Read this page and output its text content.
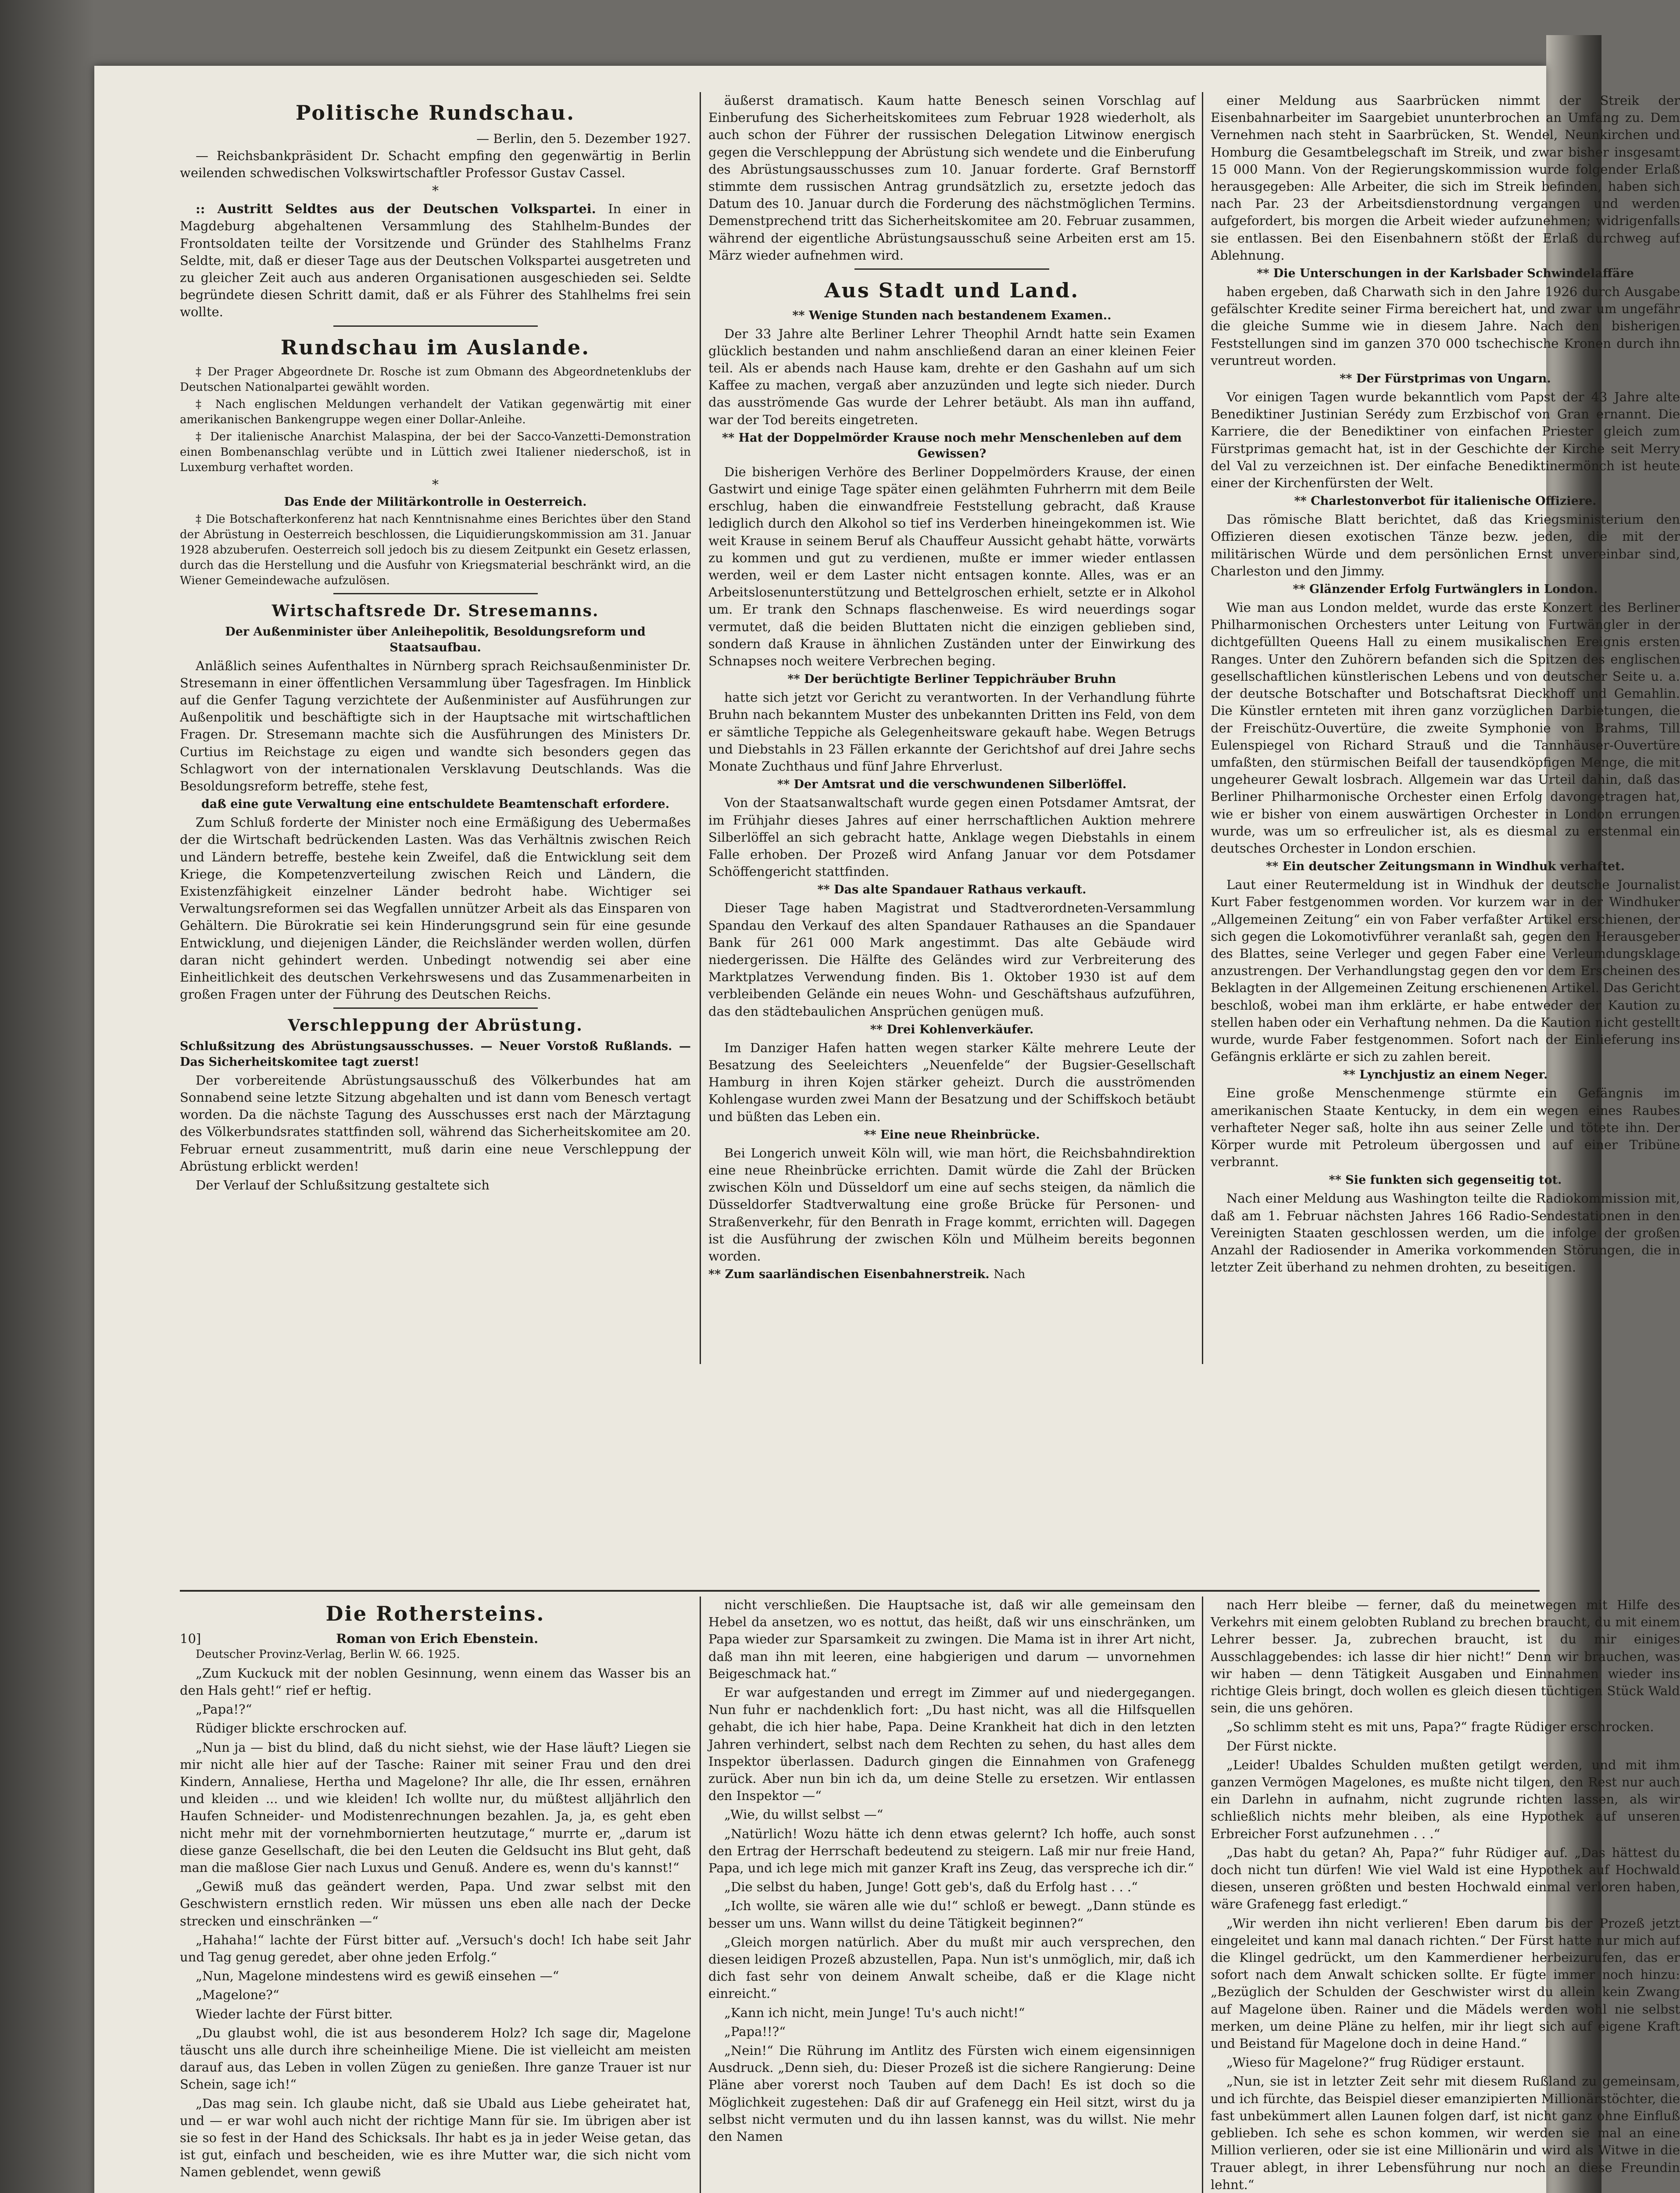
Politische Rundschau.
— Berlin, den 5. Dezember 1927.

— Reichsbankpräsident Dr. Schacht empfing den gegenwärtig in Berlin weilenden schwedischen Volkswirtschaftler Professor Gustav Cassel.

*

:: Austritt Seldtes aus der Deutschen Volkspartei. In einer in Magdeburg abgehaltenen Versammlung des Stahlhelm-Bundes der Frontsoldaten teilte der Vorsitzende und Gründer des Stahlhelms Franz Seldte, mit, daß er dieser Tage aus der Deutschen Volkspartei ausgetreten und zu gleicher Zeit auch aus anderen Organisationen ausgeschieden sei. Seldte begründete diesen Schritt damit, daß er als Führer des Stahlhelms frei sein wollte.

Rundschau im Auslande.

‡ Der Prager Abgeordnete Dr. Rosche ist zum Obmann des Abgeordnetenklubs der Deutschen Nationalpartei gewählt worden.

‡ Nach englischen Meldungen verhandelt der Vatikan gegenwärtig mit einer amerikanischen Bankengruppe wegen einer Dollar-Anleihe.

‡ Der italienische Anarchist Malaspina, der bei der Sacco-Vanzetti-Demonstration einen Bombenanschlag verübte und in Lüttich zwei Italiener niederschoß, ist in Luxemburg verhaftet worden.

*

Das Ende der Militärkontrolle in Oesterreich.

‡ Die Botschafterkonferenz hat nach Kenntnisnahme eines Berichtes über den Stand der Abrüstung in Oesterreich beschlossen, die Liquidierungskommission am 31. Januar 1928 abzuberufen. Oesterreich soll jedoch bis zu diesem Zeitpunkt ein Gesetz erlassen, durch das die Herstellung und die Ausfuhr von Kriegsmaterial beschränkt wird, an die Wiener Gemeindewache aufzulösen.

Wirtschaftsrede Dr. Stresemanns.

Der Außenminister über Anleihepolitik, Besoldungsreform und Staatsaufbau.

Anläßlich seines Aufenthaltes in Nürnberg sprach Reichsaußenminister Dr. Stresemann in einer öffentlichen Versammlung über Tagesfragen. Im Hinblick auf die Genfer Tagung verzichtete der Außenminister auf Ausführungen zur Außenpolitik und beschäftigte sich in der Hauptsache mit wirtschaftlichen Fragen. Dr. Stresemann machte sich die Ausführungen des Ministers Dr. Curtius im Reichstage zu eigen und wandte sich besonders gegen das Schlagwort von der internationalen Versklavung Deutschlands. Was die Besoldungsreform betreffe, stehe fest,

daß eine gute Verwaltung eine entschuldete Beamtenschaft erfordere.

Zum Schluß forderte der Minister noch eine Ermäßigung des Uebermaßes der die Wirtschaft bedrückenden Lasten. Was das Verhältnis zwischen Reich und Ländern betreffe, bestehe kein Zweifel, daß die Entwicklung seit dem Kriege, die Kompetenzverteilung zwischen Reich und Ländern, die Existenzfähigkeit einzelner Länder bedroht habe. Wichtiger sei Verwaltungsreformen sei das Wegfallen unnützer Arbeit als das Einsparen von Gehältern. Die Bürokratie sei kein Hinderungsgrund sein für eine gesunde Entwicklung, und diejenigen Länder, die Reichsländer werden wollen, dürfen daran nicht gehindert werden. Unbedingt notwendig sei aber eine Einheitlichkeit des deutschen Verkehrswesens und das Zusammenarbeiten in großen Fragen unter der Führung des Deutschen Reichs.

Verschleppung der Abrüstung.

Schlußsitzung des Abrüstungsausschusses. — Neuer Vorstoß Rußlands. — Das Sicherheitskomitee tagt zuerst!

Der vorbereitende Abrüstungsausschuß des Völkerbundes hat am Sonnabend seine letzte Sitzung abgehalten und ist dann vom Benesch vertagt worden. Da die nächste Tagung des Ausschusses erst nach der Märztagung des Völkerbundsrates stattfinden soll, während das Sicherheitskomitee am 20. Februar erneut zusammentritt, muß darin eine neue Verschleppung der Abrüstung erblickt werden!

Der Verlauf der Schlußsitzung gestaltete sich

äußerst dramatisch. Kaum hatte Benesch seinen Vorschlag auf Einberufung des Sicherheitskomitees zum Februar 1928 wiederholt, als auch schon der Führer der russischen Delegation Litwinow energisch gegen die Verschleppung der Abrüstung sich wendete und die Einberufung des Abrüstungsausschusses zum 10. Januar forderte. Graf Bernstorff stimmte dem russischen Antrag grundsätzlich zu, ersetzte jedoch das Datum des 10. Januar durch die Forderung des nächstmöglichen Termins. Demenstprechend tritt das Sicherheitskomitee am 20. Februar zusammen, während der eigentliche Abrüstungsausschuß seine Arbeiten erst am 15. März wieder aufnehmen wird.

Aus Stadt und Land.

** Wenige Stunden nach bestandenem Examen..

Der 33 Jahre alte Berliner Lehrer Theophil Arndt hatte sein Examen glücklich bestanden und nahm anschließend daran an einer kleinen Feier teil. Als er abends nach Hause kam, drehte er den Gashahn auf um sich Kaffee zu machen, vergaß aber anzuzünden und legte sich nieder. Durch das ausströmende Gas wurde der Lehrer betäubt. Als man ihn auffand, war der Tod bereits eingetreten.

** Hat der Doppelmörder Krause noch mehr Menschenleben auf dem Gewissen?

Die bisherigen Verhöre des Berliner Doppelmörders Krause, der einen Gastwirt und einige Tage später einen gelähmten Fuhrherrn mit dem Beile erschlug, haben die einwandfreie Feststellung gebracht, daß Krause lediglich durch den Alkohol so tief ins Verderben hineingekommen ist. Wie weit Krause in seinem Beruf als Chauffeur Aussicht gehabt hätte, vorwärts zu kommen und gut zu verdienen, mußte er immer wieder entlassen werden, weil er dem Laster nicht entsagen konnte. Alles, was er an Arbeitslosenunterstützung und Bettelgroschen erhielt, setzte er in Alkohol um. Er trank den Schnaps flaschenweise. Es wird neuerdings sogar vermutet, daß die beiden Bluttaten nicht die einzigen geblieben sind, sondern daß Krause in ähnlichen Zuständen unter der Einwirkung des Schnapses noch weitere Verbrechen beging.

** Der berüchtigte Berliner Teppichräuber Bruhn

hatte sich jetzt vor Gericht zu verantworten. In der Verhandlung führte Bruhn nach bekanntem Muster des unbekannten Dritten ins Feld, von dem er sämtliche Teppiche als Gelegenheitsware gekauft habe. Wegen Betrugs und Diebstahls in 23 Fällen erkannte der Gerichtshof auf drei Jahre sechs Monate Zuchthaus und fünf Jahre Ehrverlust.

** Der Amtsrat und die verschwundenen Silberlöffel.

Von der Staatsanwaltschaft wurde gegen einen Potsdamer Amtsrat, der im Frühjahr dieses Jahres auf einer herrschaftlichen Auktion mehrere Silberlöffel an sich gebracht hatte, Anklage wegen Diebstahls in einem Falle erhoben. Der Prozeß wird Anfang Januar vor dem Potsdamer Schöffengericht stattfinden.

** Das alte Spandauer Rathaus verkauft.

Dieser Tage haben Magistrat und Stadtverordneten-Versammlung Spandau den Verkauf des alten Spandauer Rathauses an die Spandauer Bank für 261 000 Mark angestimmt. Das alte Gebäude wird niedergerissen. Die Hälfte des Geländes wird zur Verbreiterung des Marktplatzes Verwendung finden. Bis 1. Oktober 1930 ist auf dem verbleibenden Gelände ein neues Wohn- und Geschäftshaus aufzuführen, das den städtebaulichen Ansprüchen genügen muß.

** Drei Kohlenverkäufer.

Im Danziger Hafen hatten wegen starker Kälte mehrere Leute der Besatzung des Seeleichters „Neuenfelde“ der Bugsier-Gesellschaft Hamburg in ihren Kojen stärker geheizt. Durch die ausströmenden Kohlengase wurden zwei Mann der Besatzung und der Schiffskoch betäubt und büßten das Leben ein.

** Eine neue Rheinbrücke.

Bei Longerich unweit Köln will, wie man hört, die Reichsbahndirektion eine neue Rheinbrücke errichten. Damit würde die Zahl der Brücken zwischen Köln und Düsseldorf um eine auf sechs steigen, da nämlich die Düsseldorfer Stadtverwaltung eine große Brücke für Personen- und Straßenverkehr, für den Benrath in Frage kommt, errichten will. Dagegen ist die Ausführung der zwischen Köln und Mülheim bereits begonnen worden.

** Zum saarländischen Eisenbahnerstreik. Nach

einer Meldung aus Saarbrücken nimmt der Streik der Eisenbahnarbeiter im Saargebiet ununterbrochen an Umfang zu. Dem Vernehmen nach steht in Saarbrücken, St. Wendel, Neunkirchen und Homburg die Gesamtbelegschaft im Streik, und zwar bisher insgesamt 15 000 Mann. Von der Regierungskommission wurde folgender Erlaß herausgegeben: Alle Arbeiter, die sich im Streik befinden, haben sich nach Par. 23 der Arbeitsdienstordnung vergangen und werden aufgefordert, bis morgen die Arbeit wieder aufzunehmen; widrigenfalls sie entlassen. Bei den Eisenbahnern stößt der Erlaß durchweg auf Ablehnung.

** Die Unterschungen in der Karlsbader Schwindelaffäre

haben ergeben, daß Charwath sich in den Jahre 1926 durch Ausgabe gefälschter Kredite seiner Firma bereichert hat, und zwar um ungefähr die gleiche Summe wie in diesem Jahre. Nach den bisherigen Feststellungen sind im ganzen 370 000 tschechische Kronen durch ihn veruntreut worden.

** Der Fürstprimas von Ungarn.

Vor einigen Tagen wurde bekanntlich vom Papst der 43 Jahre alte Benediktiner Justinian Serédy zum Erzbischof von Gran ernannt. Die Karriere, die der Benediktiner von einfachen Priester gleich zum Fürstprimas gemacht hat, ist in der Geschichte der Kirche seit Merry del Val zu verzeichnen ist. Der einfache Benediktinermönch ist heute einer der Kirchenfürsten der Welt.

** Charlestonverbot für italienische Offiziere.

Das römische Blatt berichtet, daß das Kriegsministerium den Offizieren diesen exotischen Tänze bezw. jeden, die mit der militärischen Würde und dem persönlichen Ernst unvereinbar sind, Charleston und den Jimmy.

** Glänzender Erfolg Furtwänglers in London.

Wie man aus London meldet, wurde das erste Konzert des Berliner Philharmonischen Orchesters unter Leitung von Furtwängler in der dichtgefüllten Queens Hall zu einem musikalischen Ereignis ersten Ranges. Unter den Zuhörern befanden sich die Spitzen des englischen gesellschaftlichen künstlerischen Lebens und von deutscher Seite u. a. der deutsche Botschafter und Botschaftsrat Dieckhoff und Gemahlin. Die Künstler ernteten mit ihren ganz vorzüglichen Darbietungen, die der Freischütz-Ouvertüre, die zweite Symphonie von Brahms, Till Eulenspiegel von Richard Strauß und die Tannhäuser-Ouvertüre umfaßten, den stürmischen Beifall der tausendköpfigen Menge, die mit ungeheurer Gewalt losbrach. Allgemein war das Urteil dahin, daß das Berliner Philharmonische Orchester einen Erfolg davongetragen hat, wie er bisher von einem auswärtigen Orchester in London errungen wurde, was um so erfreulicher ist, als es diesmal zu erstenmal ein deutsches Orchester in London erschien.

** Ein deutscher Zeitungsmann in Windhuk verhaftet.

Laut einer Reutermeldung ist in Windhuk der deutsche Journalist Kurt Faber festgenommen worden. Vor kurzem war in der Windhuker „Allgemeinen Zeitung“ ein von Faber verfaßter Artikel erschienen, der sich gegen die Lokomotivführer veranlaßt sah, gegen den Herausgeber des Blattes, seine Verleger und gegen Faber eine Verleumdungsklage anzustrengen. Der Verhandlungstag gegen den vor dem Erscheinen des Beklagten in der Allgemeinen Zeitung erschienenen Artikel. Das Gericht beschloß, wobei man ihm erklärte, er habe entweder der Kaution zu stellen haben oder ein Verhaftung nehmen. Da die Kaution nicht gestellt wurde, wurde Faber festgenommen. Sofort nach der Einlieferung ins Gefängnis erklärte er sich zu zahlen bereit.

** Lynchjustiz an einem Neger.

Eine große Menschenmenge stürmte ein Gefängnis im amerikanischen Staate Kentucky, in dem ein wegen eines Raubes verhafteter Neger saß, holte ihn aus seiner Zelle und tötete ihn. Der Körper wurde mit Petroleum übergossen und auf einer Tribüne verbrannt.

** Sie funkten sich gegenseitig tot.

Nach einer Meldung aus Washington teilte die Radiokommission mit, daß am 1. Februar nächsten Jahres 166 Radio-Sendestationen in den Vereinigten Staaten geschlossen werden, um die infolge der großen Anzahl der Radiosender in Amerika vorkommenden Störungen, die in letzter Zeit überhand zu nehmen drohten, zu beseitigen.

Die Rothersteins.
10]	Roman von Erich Ebenstein.

Deutscher Provinz-Verlag, Berlin W. 66. 1925.

„Zum Kuckuck mit der noblen Gesinnung, wenn einem das Wasser bis an den Hals geht!“ rief er heftig.

„Papa!?“

Rüdiger blickte erschrocken auf.

„Nun ja — bist du blind, daß du nicht siehst, wie der Hase läuft? Liegen sie mir nicht alle hier auf der Tasche: Rainer mit seiner Frau und den drei Kindern, Annaliese, Hertha und Magelone? Ihr alle, die Ihr essen, ernähren und kleiden ... und wie kleiden! Ich wollte nur, du müßtest alljährlich den Haufen Schneider- und Modistenrechnungen bezahlen. Ja, ja, es geht eben nicht mehr mit der vornehmbornierten heutzutage,“ murrte er, „darum ist diese ganze Gesellschaft, die bei den Leuten die Geldsucht ins Blut geht, daß man die maßlose Gier nach Luxus und Genuß. Andere es, wenn du's kannst!“

„Gewiß muß das geändert werden, Papa. Und zwar selbst mit den Geschwistern ernstlich reden. Wir müssen uns eben alle nach der Decke strecken und einschränken —“

„Hahaha!“ lachte der Fürst bitter auf. „Versuch's doch! Ich habe seit Jahr und Tag genug geredet, aber ohne jeden Erfolg.“

„Nun, Magelone mindestens wird es gewiß einsehen —“

„Magelone?“

Wieder lachte der Fürst bitter.

„Du glaubst wohl, die ist aus besonderem Holz? Ich sage dir, Magelone täuscht uns alle durch ihre scheinheilige Miene. Die ist vielleicht am meisten darauf aus, das Leben in vollen Zügen zu genießen. Ihre ganze Trauer ist nur Schein, sage ich!“

„Das mag sein. Ich glaube nicht, daß sie Ubald aus Liebe geheiratet hat, und — er war wohl auch nicht der richtige Mann für sie. Im übrigen aber ist sie so fest in der Hand des Schicksals. Ihr habt es ja in jeder Weise getan, das ist gut, einfach und bescheiden, wie es ihre Mutter war, die sich nicht vom Namen geblendet, wenn gewiß

nicht verschließen. Die Hauptsache ist, daß wir alle gemeinsam den Hebel da ansetzen, wo es nottut, das heißt, daß wir uns einschränken, um Papa wieder zur Sparsamkeit zu zwingen. Die Mama ist in ihrer Art nicht, daß man ihn mit leeren, eine habgierigen und darum — unvornehmen Beigeschmack hat.“

Er war aufgestanden und erregt im Zimmer auf und niedergegangen. Nun fuhr er nachdenklich fort: „Du hast nicht, was all die Hilfsquellen gehabt, die ich hier habe, Papa. Deine Krankheit hat dich in den letzten Jahren verhindert, selbst nach dem Rechten zu sehen, du hast alles dem Inspektor überlassen. Dadurch gingen die Einnahmen von Grafenegg zurück. Aber nun bin ich da, um deine Stelle zu ersetzen. Wir entlassen den Inspektor —“

„Wie, du willst selbst —“

„Natürlich! Wozu hätte ich denn etwas gelernt? Ich hoffe, auch sonst den Ertrag der Herrschaft bedeutend zu steigern. Laß mir nur freie Hand, Papa, und ich lege mich mit ganzer Kraft ins Zeug, das verspreche ich dir.“

„Die selbst du haben, Junge! Gott geb's, daß du Erfolg hast . . .“

„Ich wollte, sie wären alle wie du!“ schloß er bewegt. „Dann stünde es besser um uns. Wann willst du deine Tätigkeit beginnen?“

„Gleich morgen natürlich. Aber du mußt mir auch versprechen, den diesen leidigen Prozeß abzustellen, Papa. Nun ist's unmöglich, mir, daß ich dich fast sehr von deinem Anwalt scheibe, daß er die Klage nicht einreicht.“

„Kann ich nicht, mein Junge! Tu's auch nicht!“

„Papa!!?“

„Nein!“ Die Rührung im Antlitz des Fürsten wich einem eigensinnigen Ausdruck. „Denn sieh, du: Dieser Prozeß ist die sichere Rangierung: Deine Pläne aber vorerst noch Tauben auf dem Dach! Es ist doch so die Möglichkeit zugestehen: Daß dir auf Grafenegg ein Heil sitzt, wirst du ja selbst nicht vermuten und du ihn lassen kannst, was du willst. Nie mehr den Namen

nach Herr bleibe — ferner, daß du meinetwegen mit Hilfe des Verkehrs mit einem gelobten Rubland zu brechen braucht, du mit einem Lehrer besser. Ja, zubrechen braucht, ist du mir einiges Ausschlaggebendes: ich lasse dir hier nicht!“ Denn wir brauchen, was wir haben — denn Tätigkeit Ausgaben und Einnahmen wieder ins richtige Gleis bringt, doch wollen es gleich diesen tüchtigen Stück Wald sein, die uns gehören.

„So schlimm steht es mit uns, Papa?“ fragte Rüdiger erschrocken.

Der Fürst nickte.

„Leider! Ubaldes Schulden mußten getilgt werden, und mit ihm ganzen Vermögen Magelones, es mußte nicht tilgen, den Rest nur auch ein Darlehn in aufnahm, nicht zugrunde richten lassen, als wir schließlich nichts mehr bleiben, als eine Hypothek auf unseren Erbreicher Forst aufzunehmen . . .“

„Das habt du getan? Ah, Papa?“ fuhr Rüdiger auf. „Das hättest du doch nicht tun dürfen! Wie viel Wald ist eine Hypothek auf Hochwald diesen, unseren größten und besten Hochwald einmal verloren haben, wäre Grafenegg fast erledigt.“

„Wir werden ihn nicht verlieren! Eben darum bis der Prozeß jetzt eingeleitet und kann mal danach richten.“ Der Fürst hatte nur mich auf die Klingel gedrückt, um den Kammerdiener herbeizurufen, das er sofort nach dem Anwalt schicken sollte. Er fügte immer noch hinzu: „Bezüglich der Schulden der Geschwister wirst du allein kein Zwang auf Magelone üben. Rainer und die Mädels werden wohl nie selbst merken, um deine Pläne zu helfen, mir ihr liegt sich auf eigene Kraft und Beistand für Magelone doch in deine Hand.“

„Wieso für Magelone?“ frug Rüdiger erstaunt.

„Nun, sie ist in letzter Zeit sehr mit diesem Rußland zu gemeinsam, und ich fürchte, das Beispiel dieser emanzipierten Millionärstöchter, die fast unbekümmert allen Launen folgen darf, ist nicht ganz ohne Einfluß geblieben. Ich sehe es schon kommen, wir werden sie mal an eine Million verlieren, oder sie ist eine Millionärin und wird als Witwe in die Trauer ablegt, in ihrer Lebensführung nur noch an diese Freundin lehnt.“
